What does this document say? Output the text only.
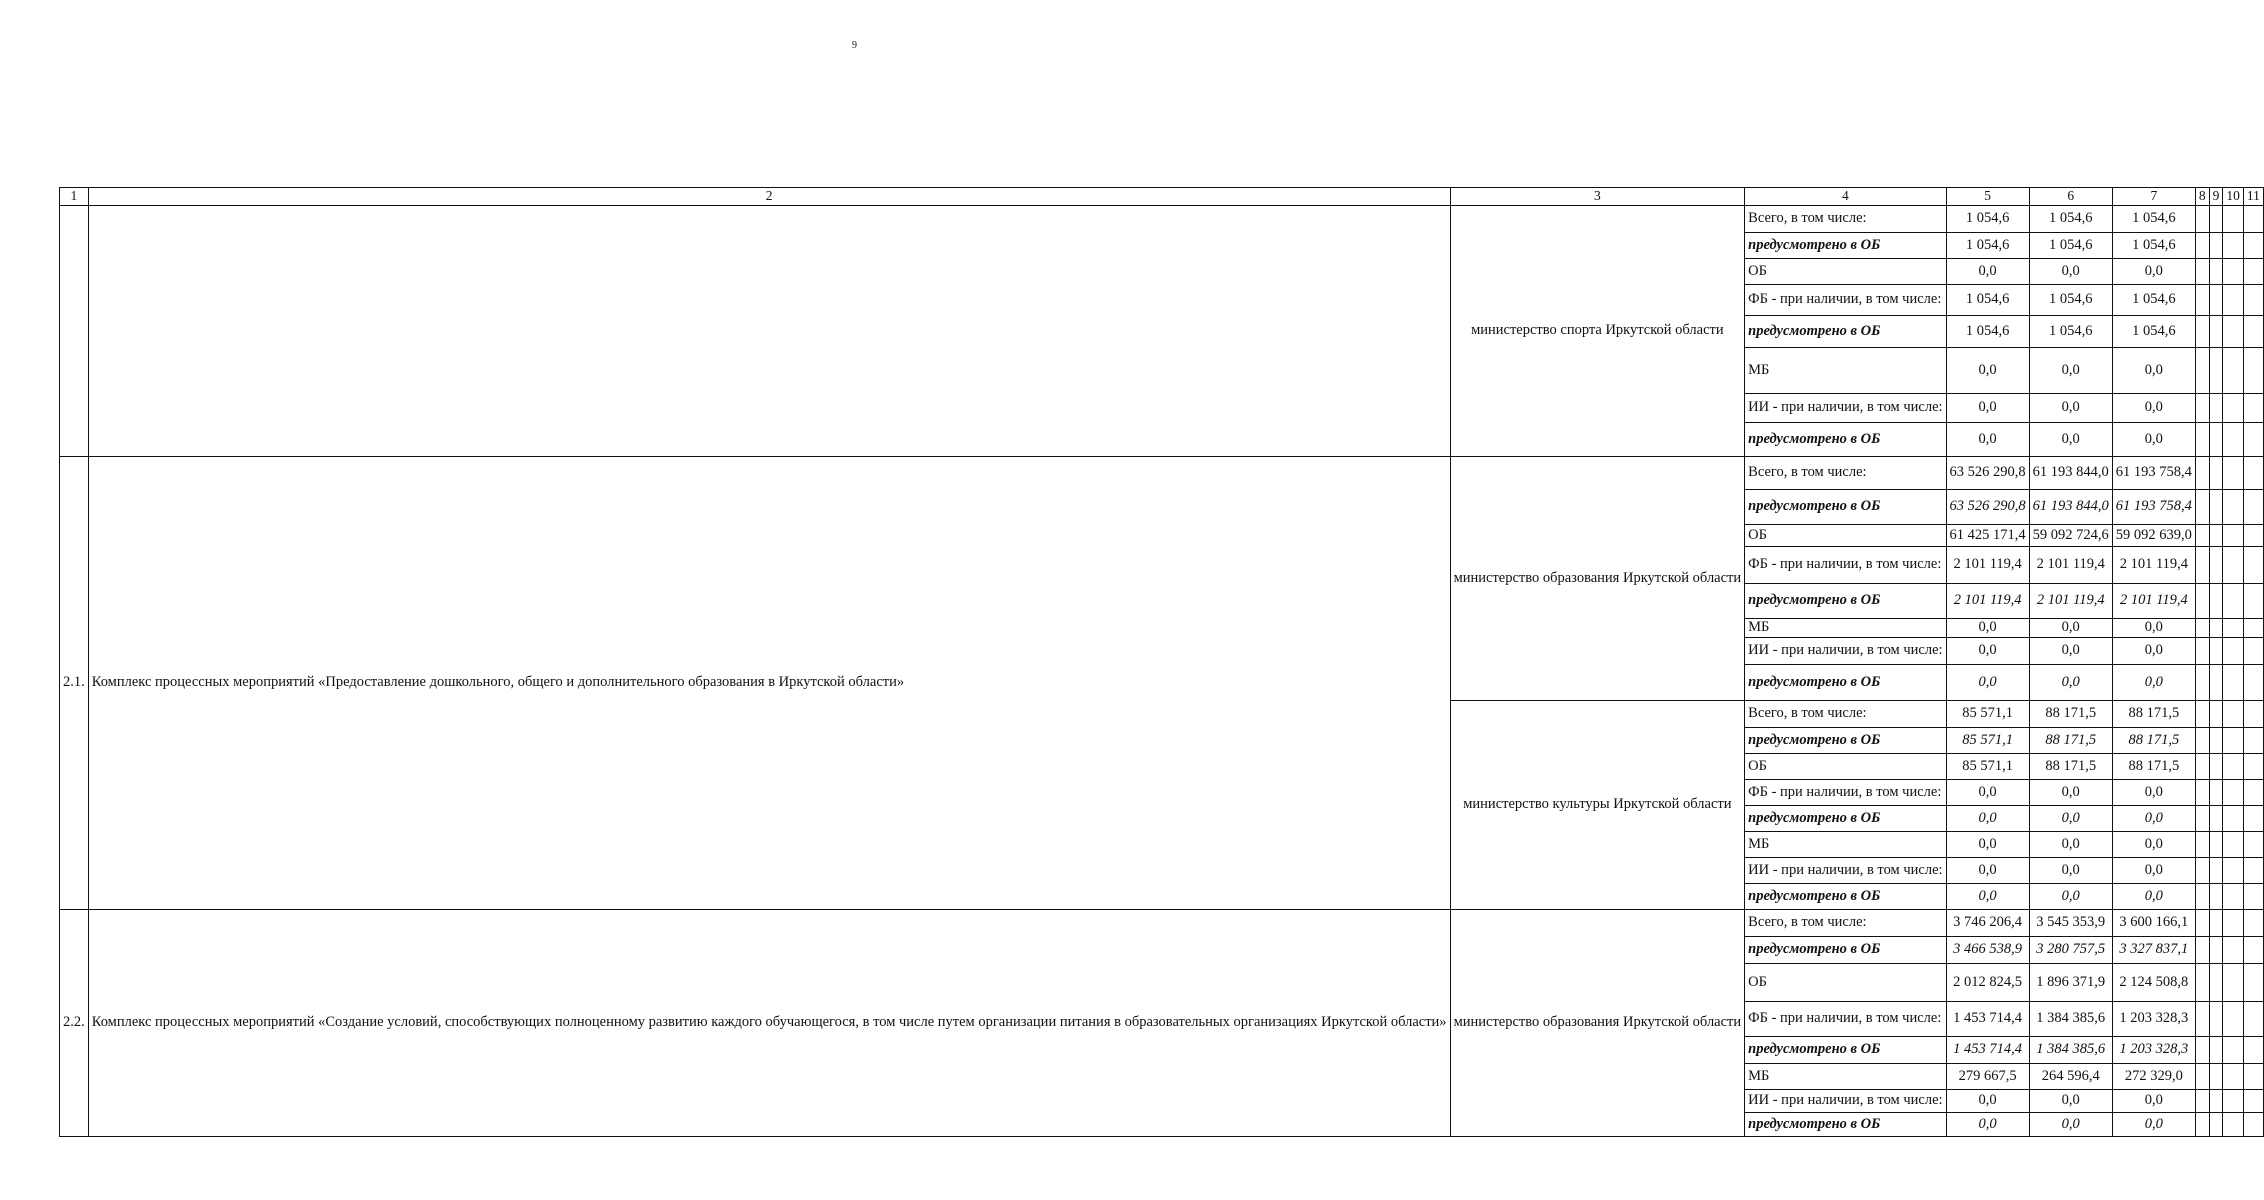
9
1	2	3	4	5	6	7	8	9	10	11
		министерство спорта Иркутской области	Всего, в том числе:	1 054,6	1 054,6	1 054,6				
			предусмотрено в ОБ	1 054,6	1 054,6	1 054,6				
			ОБ	0,0	0,0	0,0				
			ФБ - при наличии, в том числе:	1 054,6	1 054,6	1 054,6				
			предусмотрено в ОБ	1 054,6	1 054,6	1 054,6				
			МБ	0,0	0,0	0,0				
			ИИ - при наличии, в том числе:	0,0	0,0	0,0				
			предусмотрено в ОБ	0,0	0,0	0,0				
2.1.	Комплекс процессных мероприятий «Предоставление дошкольного, общего и дополнительного образования в Иркутской области»	министерство образования Иркутской области	Всего, в том числе:	63 526 290,8	61 193 844,0	61 193 758,4				
			предусмотрено в ОБ	63 526 290,8	61 193 844,0	61 193 758,4				
			ОБ	61 425 171,4	59 092 724,6	59 092 639,0				
			ФБ - при наличии, в том числе:	2 101 119,4	2 101 119,4	2 101 119,4				
			предусмотрено в ОБ	2 101 119,4	2 101 119,4	2 101 119,4				
			МБ	0,0	0,0	0,0				
			ИИ - при наличии, в том числе:	0,0	0,0	0,0				
			предусмотрено в ОБ	0,0	0,0	0,0				
		министерство культуры Иркутской области	Всего, в том числе:	85 571,1	88 171,5	88 171,5				
			предусмотрено в ОБ	85 571,1	88 171,5	88 171,5				
			ОБ	85 571,1	88 171,5	88 171,5				
			ФБ - при наличии, в том числе:	0,0	0,0	0,0				
			предусмотрено в ОБ	0,0	0,0	0,0				
			МБ	0,0	0,0	0,0				
			ИИ - при наличии, в том числе:	0,0	0,0	0,0				
			предусмотрено в ОБ	0,0	0,0	0,0				
2.2.	Комплекс процессных мероприятий «Создание условий, способствующих полноценному развитию каждого обучающегося, в том числе путем организации питания в образовательных организациях Иркутской области»	министерство образования Иркутской области	Всего, в том числе:	3 746 206,4	3 545 353,9	3 600 166,1				
			предусмотрено в ОБ	3 466 538,9	3 280 757,5	3 327 837,1				
			ОБ	2 012 824,5	1 896 371,9	2 124 508,8				
			ФБ - при наличии, в том числе:	1 453 714,4	1 384 385,6	1 203 328,3				
			предусмотрено в ОБ	1 453 714,4	1 384 385,6	1 203 328,3				
			МБ	279 667,5	264 596,4	272 329,0				
			ИИ - при наличии, в том числе:	0,0	0,0	0,0				
			предусмотрено в ОБ	0,0	0,0	0,0				
